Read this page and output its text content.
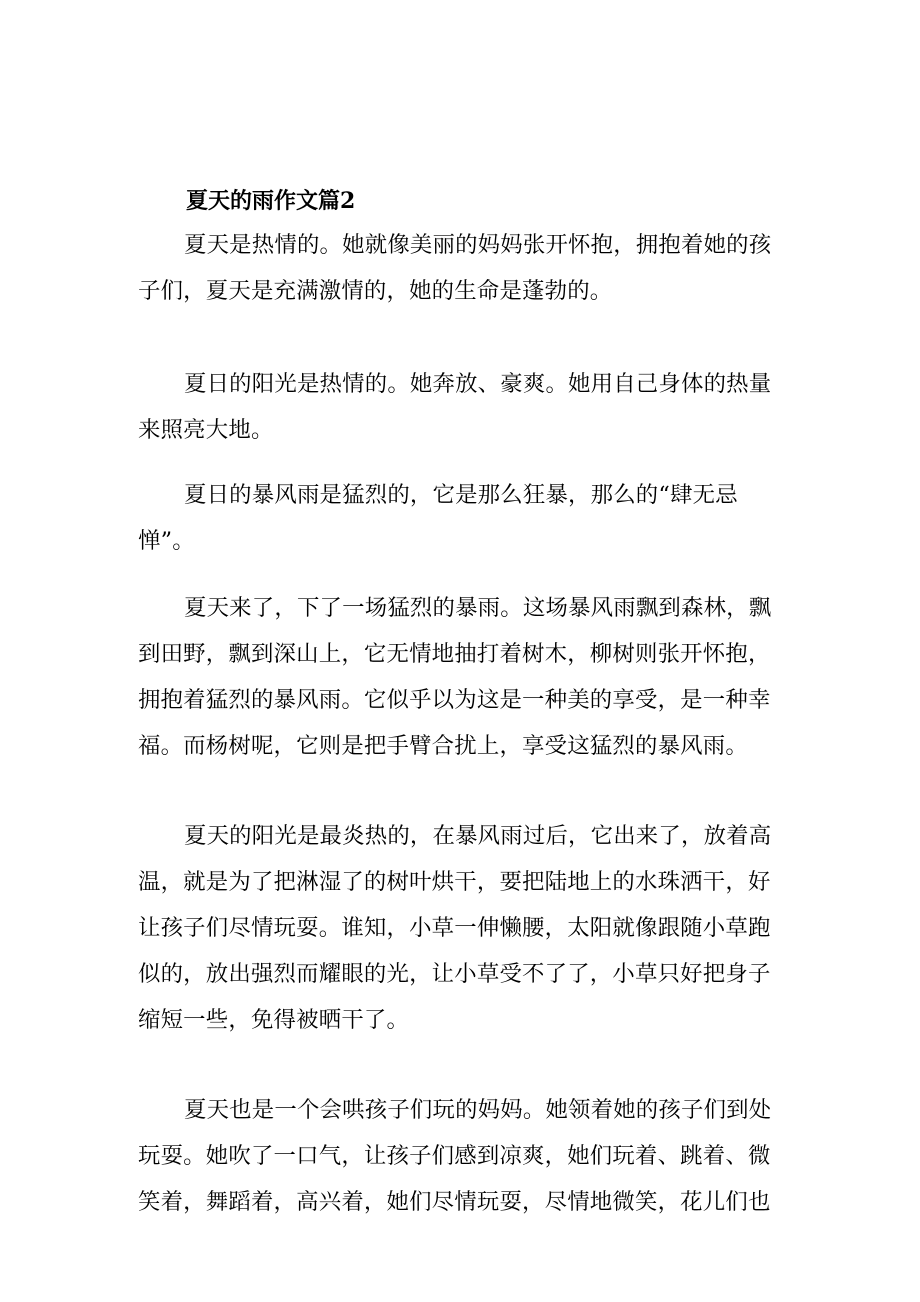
夏天的雨作文篇2

夏天是热情的。她就像美丽的妈妈张开怀抱，拥抱着她的孩子们，夏天是充满激情的，她的生命是蓬勃的。

夏日的阳光是热情的。她奔放、豪爽。她用自己身体的热量来照亮大地。

夏日的暴风雨是猛烈的，它是那么狂暴，那么的“肆无忌惮”。

夏天来了，下了一场猛烈的暴雨。这场暴风雨飘到森林，飘到田野，飘到深山上，它无情地抽打着树木，柳树则张开怀抱，拥抱着猛烈的暴风雨。它似乎以为这是一种美的享受，是一种幸福。而杨树呢，它则是把手臂合扰上，享受这猛烈的暴风雨。

夏天的阳光是最炎热的，在暴风雨过后，它出来了，放着高温，就是为了把淋湿了的树叶烘干，要把陆地上的水珠洒干，好让孩子们尽情玩耍。谁知，小草一伸懒腰，太阳就像跟随小草跑似的，放出强烈而耀眼的光，让小草受不了了，小草只好把身子缩短一些，免得被晒干了。

夏天也是一个会哄孩子们玩的妈妈。她领着她的孩子们到处玩耍。她吹了一口气，让孩子们感到凉爽，她们玩着、跳着、微笑着，舞蹈着，高兴着，她们尽情玩耍，尽情地微笑，花儿们也
